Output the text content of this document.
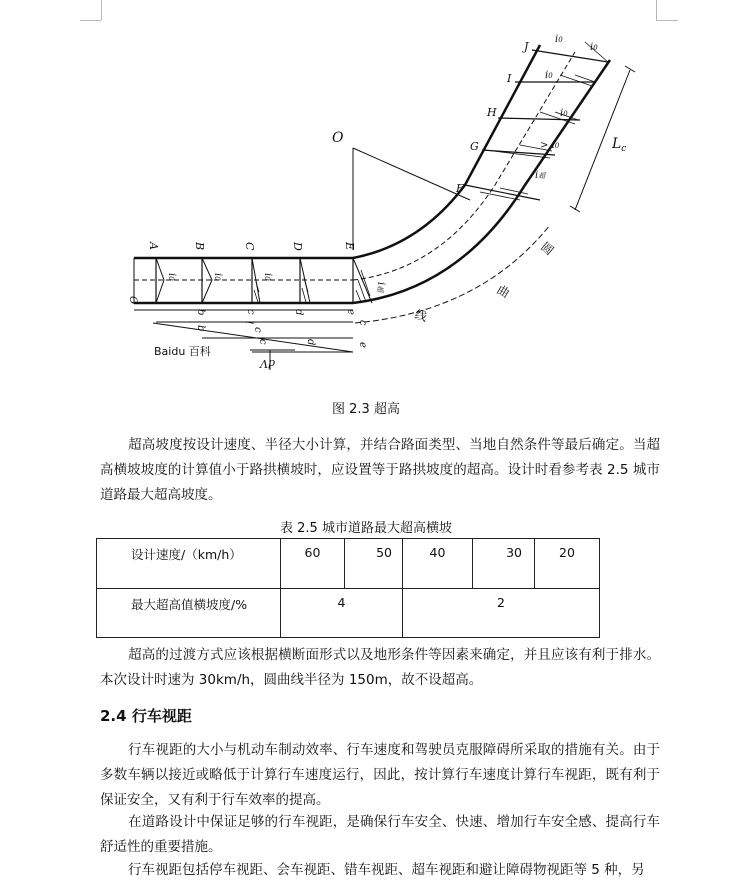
O	$L_c$
圆
曲
线
A	B	C	D	E
F
G
H
I
J
i0
i0
i0
i0
i0
i0
i0
> i0
i超
i超
O
b	c	d	e
l
c
b
c	d	e
c
Baidu 百科
dV
图 2.3 超高

超高坡度按设计速度、半径大小计算，并结合路面类型、当地自然条件等最后确定。当超高横坡坡度的计算值小于路拱横坡时，应设置等于路拱坡度的超高。设计时看参考表 2.5 城市道路最大超高坡度。

表 2.5 城市道路最大超高横坡
设计速度/（km/h）	60	50	40	30	20

最大超高值横坡度/%	4		2		

超高的过渡方式应该根据横断面形式以及地形条件等因素来确定，并且应该有利于排水。本次设计时速为 30km/h，圆曲线半径为 150m，故不设超高。

2.4 行车视距

行车视距的大小与机动车制动效率、行车速度和驾驶员克服障碍所采取的措施有关。由于多数车辆以接近或略低于计算行车速度运行，因此，按计算行车速度计算行车视距，既有利于保证安全，又有利于行车效率的提高。

在道路设计中保证足够的行车视距，是确保行车安全、快速、增加行车安全感、提高行车舒适性的重要措施。

行车视距包括停车视距、会车视距、错车视距、超车视距和避让障碍物视距等 5 种，另
